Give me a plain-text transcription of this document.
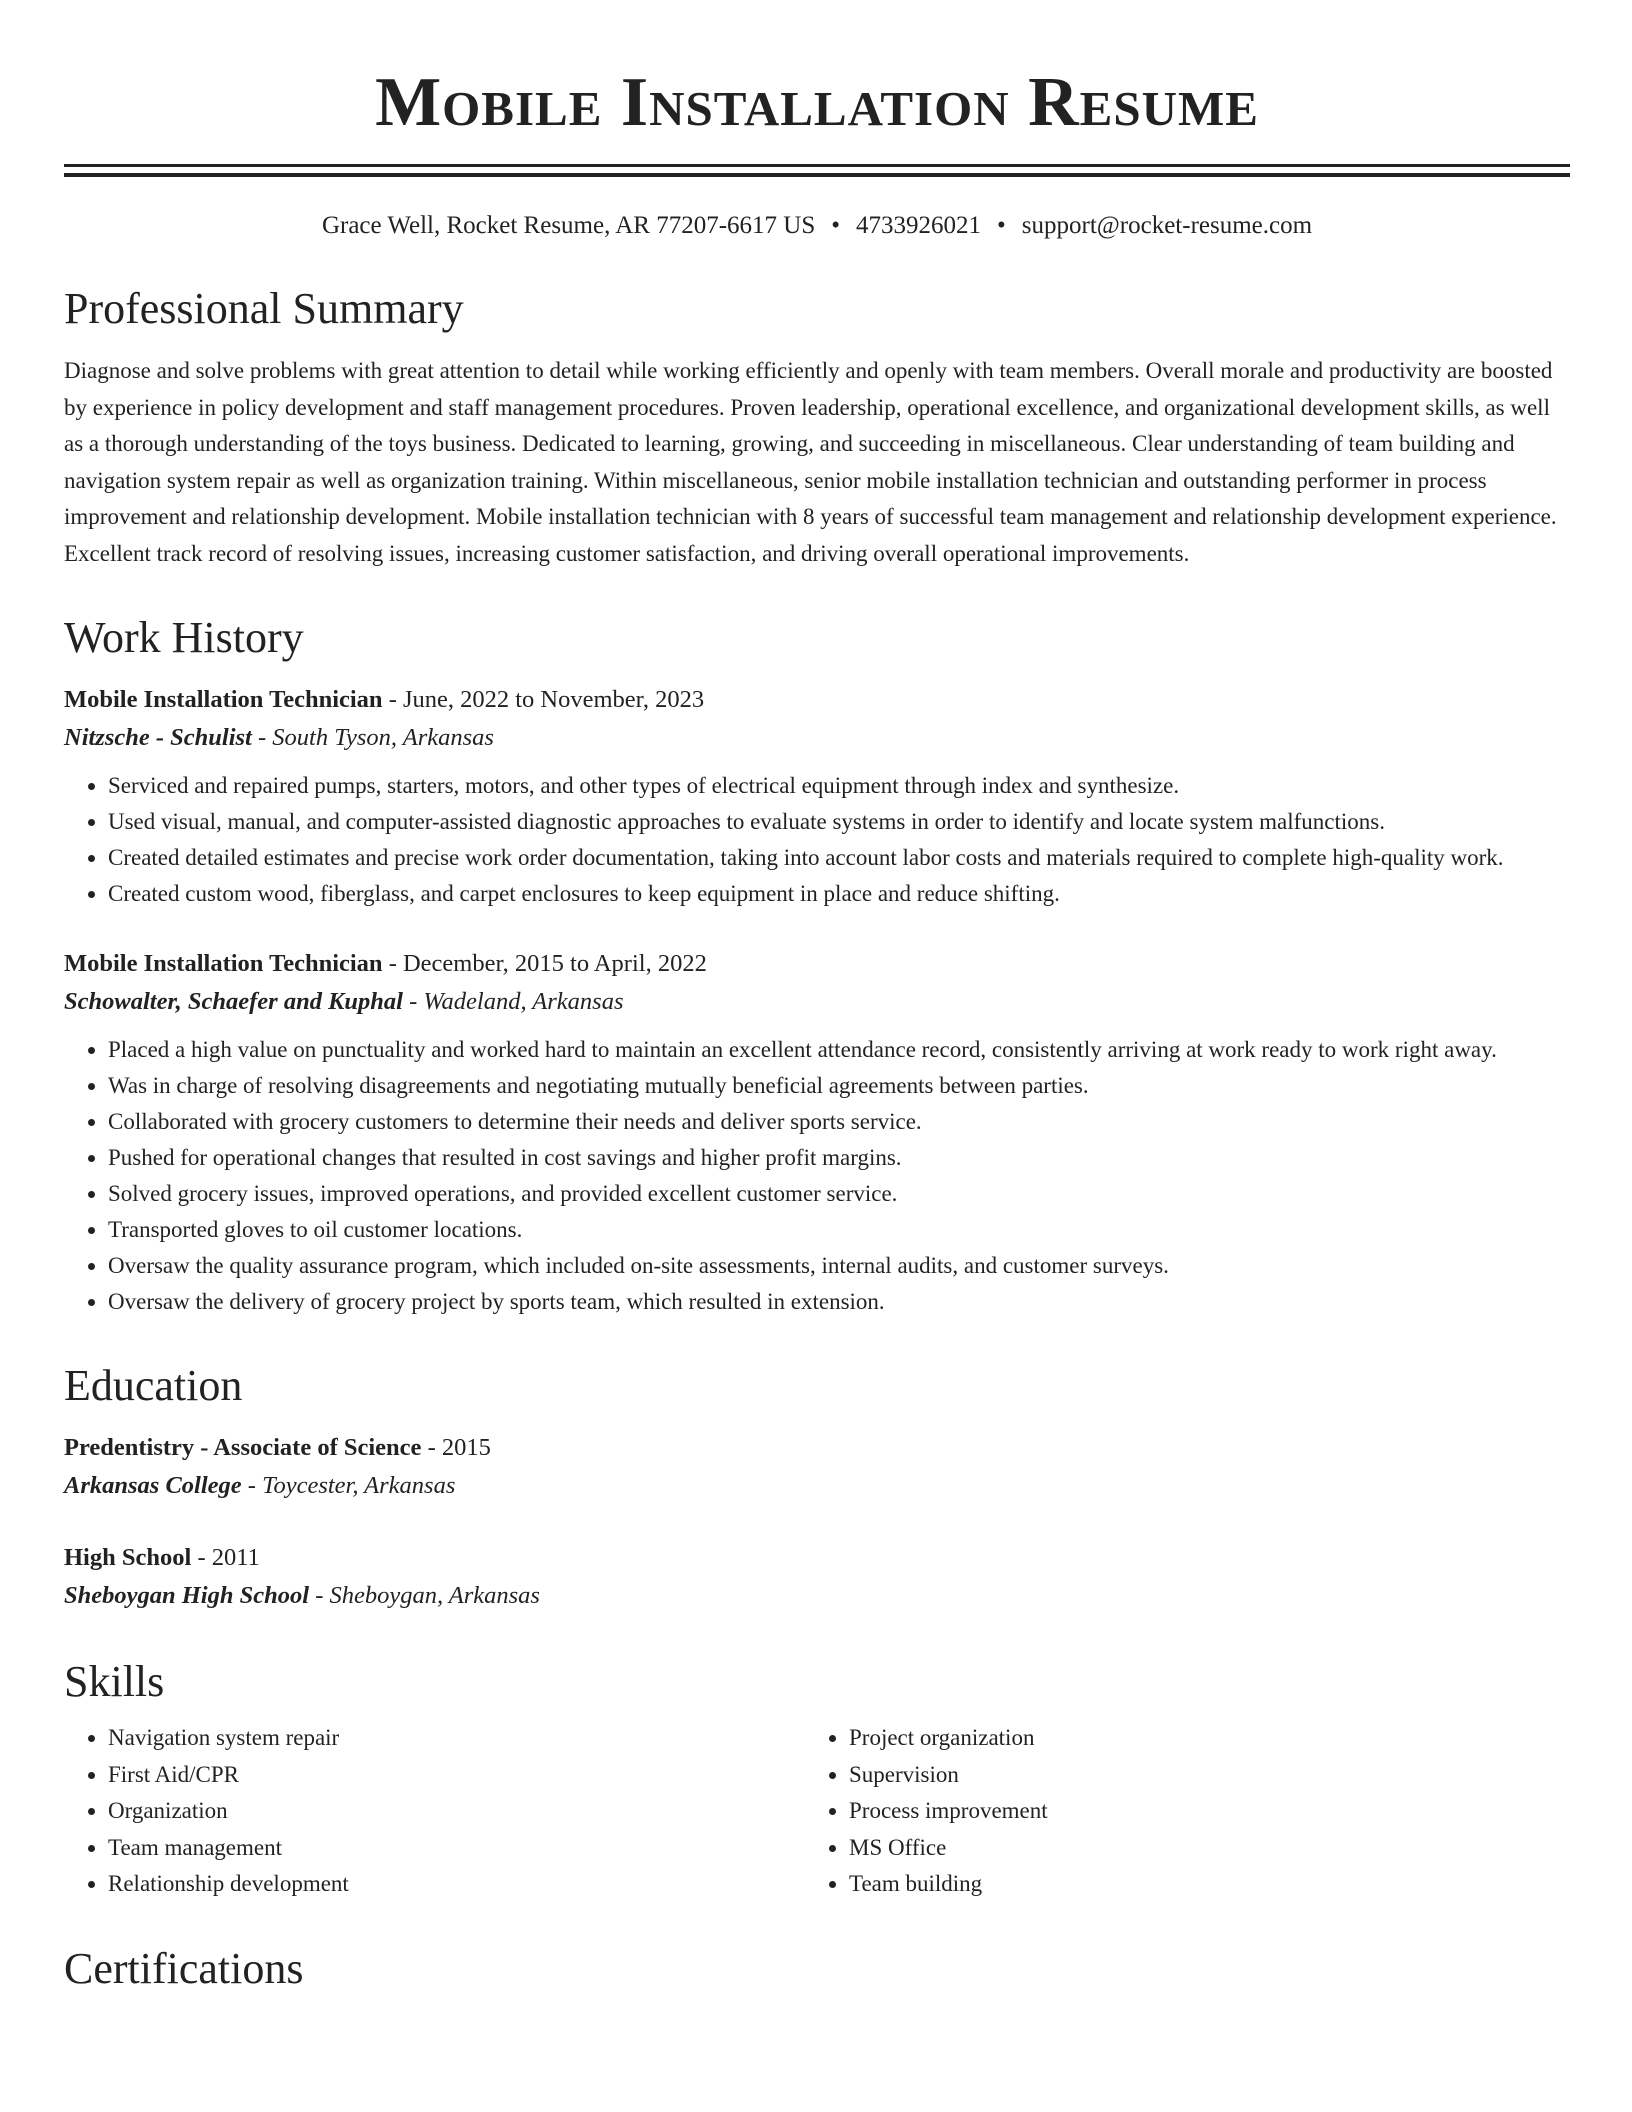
Mobile Installation Resume
Grace Well, Rocket Resume, AR 77207-6617 US • 4733926021 • support@rocket-resume.com
Professional Summary
Diagnose and solve problems with great attention to detail while working efficiently and openly with team members. Overall morale and productivity are boosted by experience in policy development and staff management procedures. Proven leadership, operational excellence, and organizational development skills, as well as a thorough understanding of the toys business. Dedicated to learning, growing, and succeeding in miscellaneous. Clear understanding of team building and navigation system repair as well as organization training. Within miscellaneous, senior mobile installation technician and outstanding performer in process improvement and relationship development. Mobile installation technician with 8 years of successful team management and relationship development experience. Excellent track record of resolving issues, increasing customer satisfaction, and driving overall operational improvements.
Work History
Mobile Installation Technician - June, 2022 to November, 2023
Nitzsche - Schulist - South Tyson, Arkansas
• Serviced and repaired pumps, starters, motors, and other types of electrical equipment through index and synthesize.
• Used visual, manual, and computer-assisted diagnostic approaches to evaluate systems in order to identify and locate system malfunctions.
• Created detailed estimates and precise work order documentation, taking into account labor costs and materials required to complete high-quality work.
• Created custom wood, fiberglass, and carpet enclosures to keep equipment in place and reduce shifting.
Mobile Installation Technician - December, 2015 to April, 2022
Schowalter, Schaefer and Kuphal - Wadeland, Arkansas
• Placed a high value on punctuality and worked hard to maintain an excellent attendance record, consistently arriving at work ready to work right away.
• Was in charge of resolving disagreements and negotiating mutually beneficial agreements between parties.
• Collaborated with grocery customers to determine their needs and deliver sports service.
• Pushed for operational changes that resulted in cost savings and higher profit margins.
• Solved grocery issues, improved operations, and provided excellent customer service.
• Transported gloves to oil customer locations.
• Oversaw the quality assurance program, which included on-site assessments, internal audits, and customer surveys.
• Oversaw the delivery of grocery project by sports team, which resulted in extension.
Education
Predentistry - Associate of Science - 2015
Arkansas College - Toycester, Arkansas
High School - 2011
Sheboygan High School - Sheboygan, Arkansas
Skills
• Navigation system repair
• First Aid/CPR
• Organization
• Team management
• Relationship development
• Project organization
• Supervision
• Process improvement
• MS Office
• Team building
Certifications
